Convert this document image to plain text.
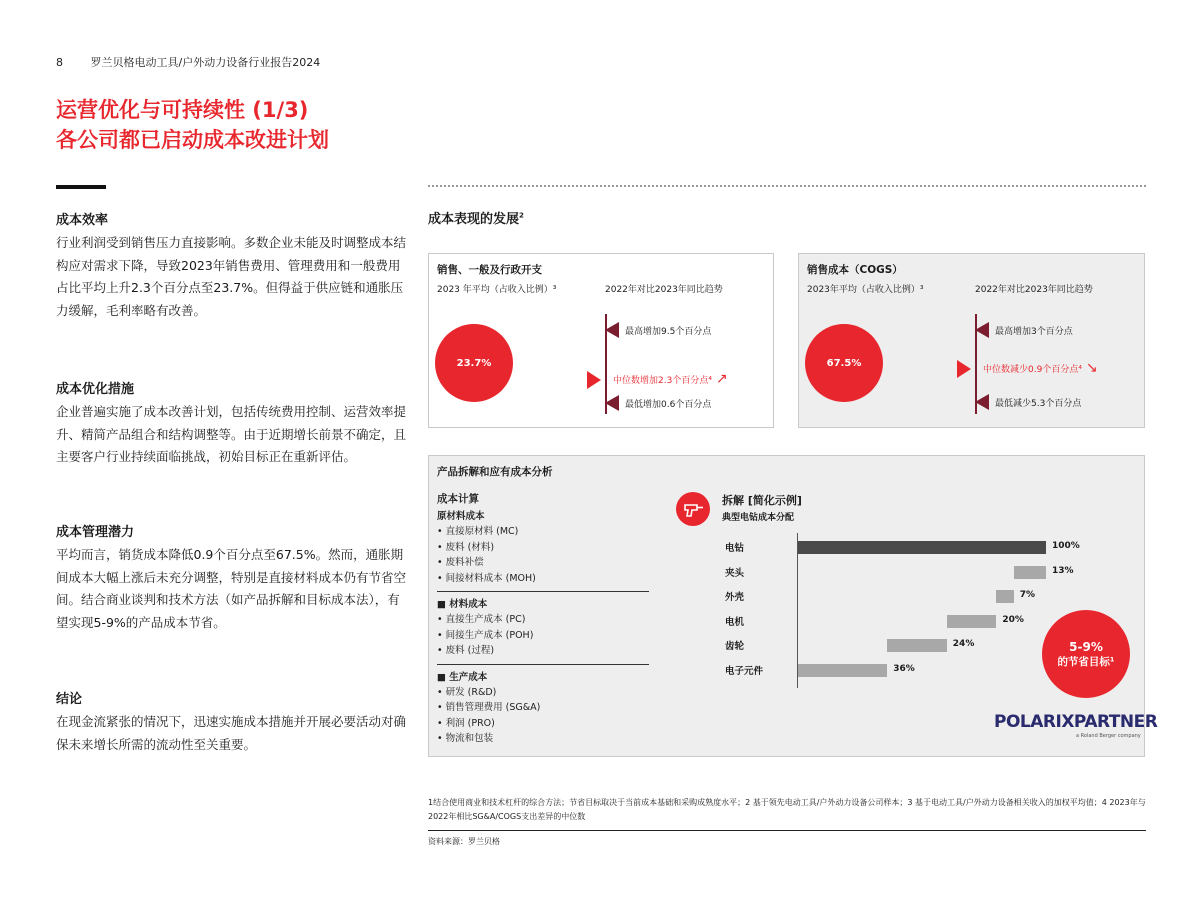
8	罗兰贝格电动工具/户外动力设备行业报告2024
运营优化与可持续性 (1/3)
各公司都已启动成本改进计划
成本效率

行业利润受到销售压力直接影响。多数企业未能及时调整成本结构应对需求下降，导致2023年销售费用、管理费用和一般费用占比平均上升2.3个百分点至23.7%。但得益于供应链和通胀压力缓解，毛利率略有改善。

成本优化措施

企业普遍实施了成本改善计划，包括传统费用控制、运营效率提升、精简产品组合和结构调整等。由于近期增长前景不确定，且主要客户行业持续面临挑战，初始目标正在重新评估。

成本管理潜力

平均而言，销货成本降低0.9个百分点至67.5%。然而，通胀期间成本大幅上涨后未充分调整，特别是直接材料成本仍有节省空间。结合商业谈判和技术方法（如产品拆解和目标成本法），有望实现5-9%的产品成本节省。

结论

在现金流紧张的情况下，迅速实施成本措施并开展必要活动对确保未来增长所需的流动性至关重要。

成本表现的发展$^2$
销售、一般及行政开支
2023 年平均（占收入比例）³	2022年对比2023年同比趋势
23.7%
最高增加9.5个百分点
中位数增加2.3个百分点⁴ ↗
最低增加0.6个百分点
销售成本（COGS）
2023年平均（占收入比例）³	2022年对比2023年同比趋势
67.5%
最高增加3个百分点
中位数减少0.9个百分点⁴ ↘
最低减少5.3个百分点
产品拆解和应有成本分析
成本计算
原材料成本
• 直接原材料 (MC)
• 废料 (材料)
• 废料补偿
• 间接材料成本 (MOH)
■ 材料成本
• 直接生产成本 (PC)
• 间接生产成本 (POH)
• 废料 (过程)
■ 生产成本
• 研发 (R&D)
• 销售管理费用 (SG&A)
• 利润 (PRO)
• 物流和包装
拆解 [简化示例]
典型电钻成本分配
电钻	100%
夹头	13%
外壳	7%
电机	20%
齿轮	24%
电子元件	36%
5-9%
的节省目标¹
POLARIXPARTNER
a Roland Berger company
1结合使用商业和技术杠杆的综合方法；节省目标取决于当前成本基础和采购成熟度水平；2 基于领先电动工具/户外动力设备公司样本；3 基于电动工具/户外动力设备相关收入的加权平均值；4 2023年与2022年相比SG&A/COGS支出差异的中位数
资料来源：罗兰贝格
